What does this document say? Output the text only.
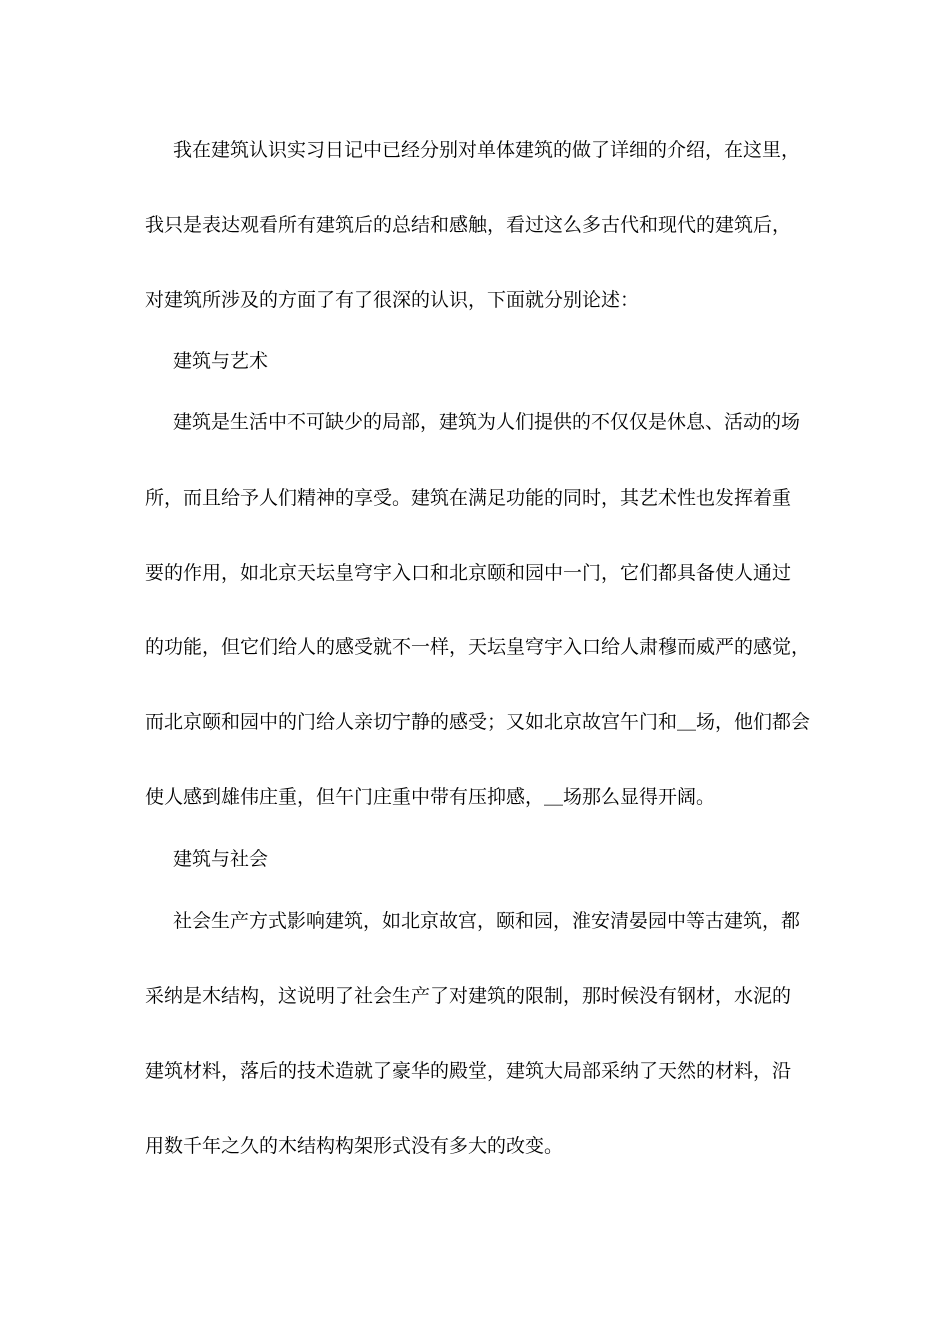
我在建筑认识实习日记中已经分别对单体建筑的做了详细的介绍，在这里，
我只是表达观看所有建筑后的总结和感触，看过这么多古代和现代的建筑后，
对建筑所涉及的方面了有了很深的认识，下面就分别论述：
建筑与艺术
建筑是生活中不可缺少的局部，建筑为人们提供的不仅仅是休息、活动的场
所，而且给予人们精神的享受。建筑在满足功能的同时，其艺术性也发挥着重
要的作用，如北京天坛皇穹宇入口和北京颐和园中一门，它们都具备使人通过
的功能，但它们给人的感受就不一样，天坛皇穹宇入口给人肃穆而威严的感觉，
而北京颐和园中的门给人亲切宁静的感受；又如北京故宫午门和＿场，他们都会
使人感到雄伟庄重，但午门庄重中带有压抑感，＿场那么显得开阔。
建筑与社会
社会生产方式影响建筑，如北京故宫，颐和园，淮安清晏园中等古建筑，都
采纳是木结构，这说明了社会生产了对建筑的限制，那时候没有钢材，水泥的
建筑材料，落后的技术造就了豪华的殿堂，建筑大局部采纳了天然的材料，沿
用数千年之久的木结构构架形式没有多大的改变。
